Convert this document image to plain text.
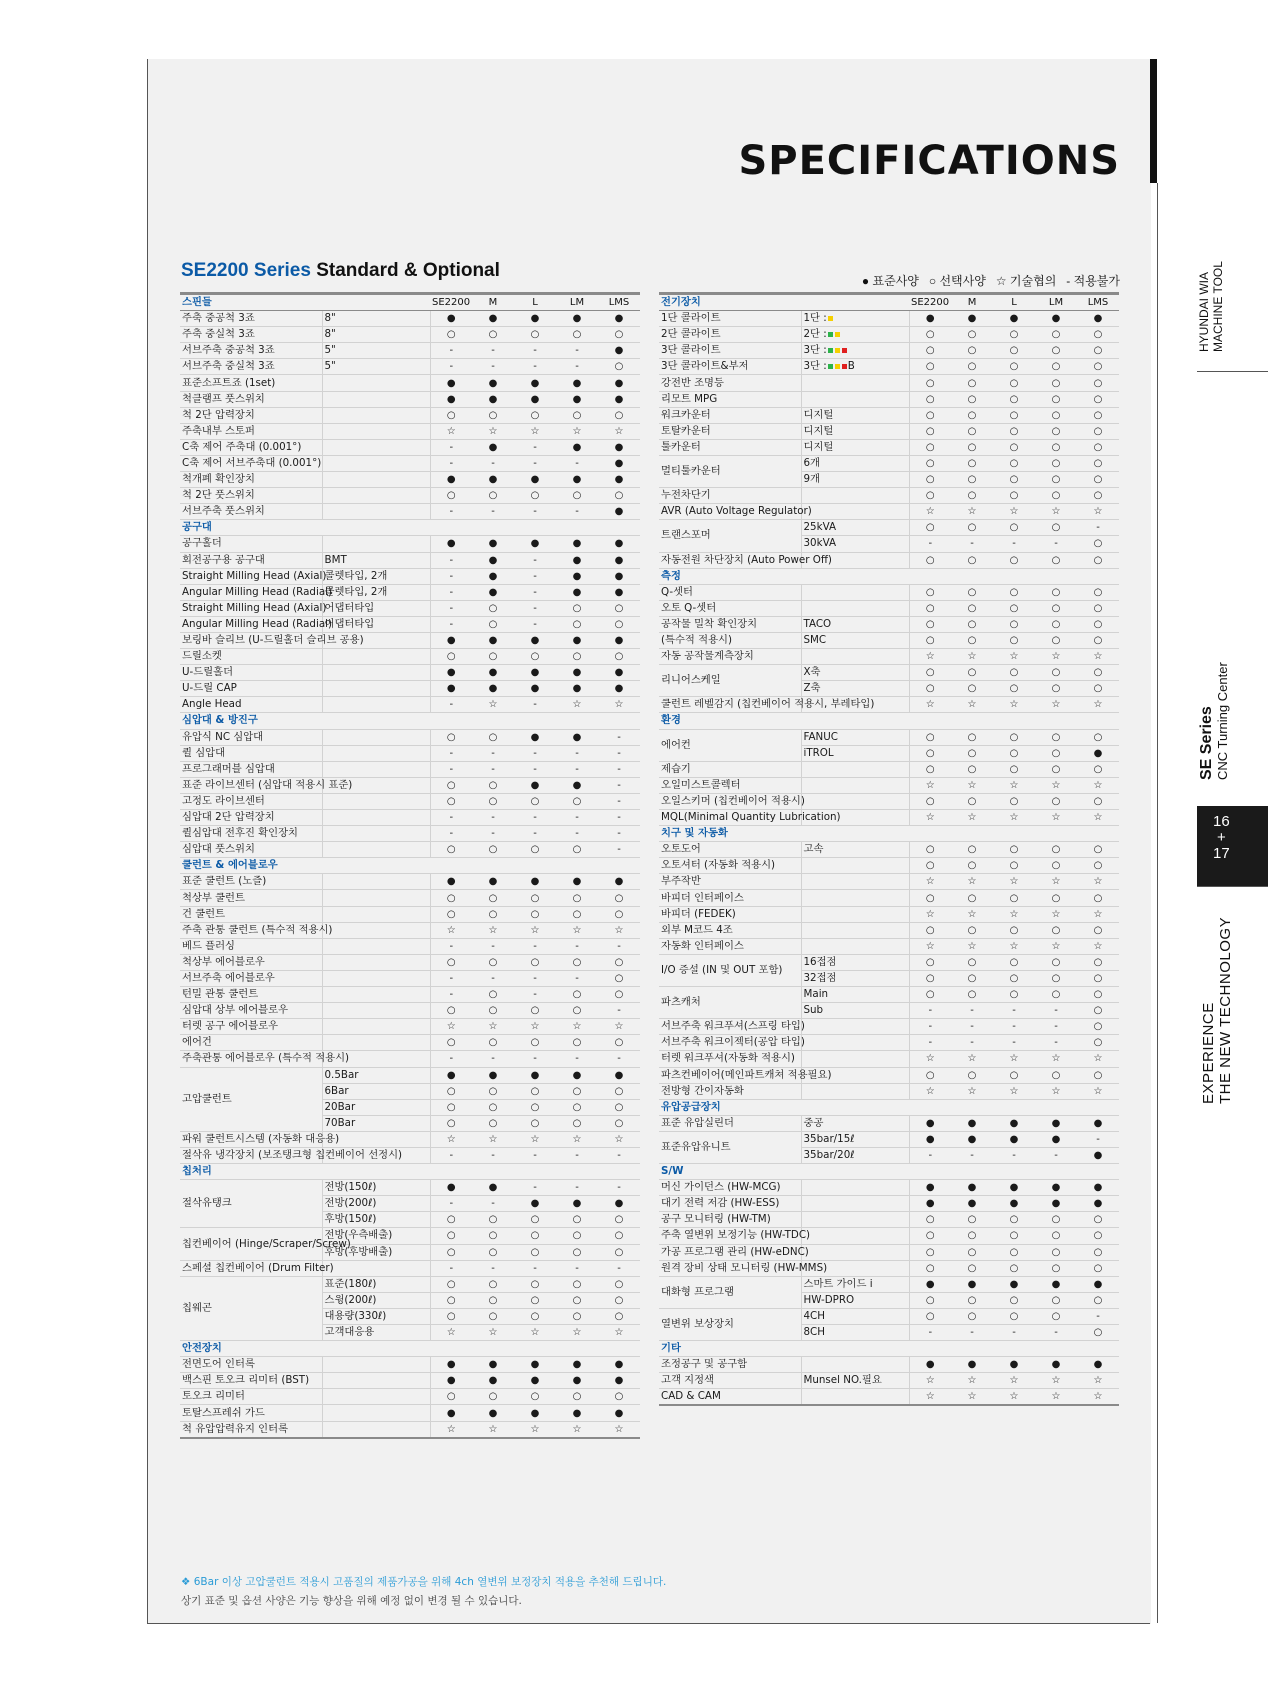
SPECIFICATIONS
SE2200 Series Standard & Optional	● 표준사양 ○ 선택사양 ☆ 기술협의 - 적용불가
스핀들		SE2200	M	L	LM	LMS
주축 중공척 3죠	8"	●	●	●	●	●
주축 중실척 3죠	8"	○	○	○	○	○
서브주축 중공척 3죠	5"	-	-	-	-	●
서브주축 중실척 3죠	5"	-	-	-	-	○
표준소프트죠 (1set)		●	●	●	●	●
척클램프 풋스위치		●	●	●	●	●
척 2단 압력장치		○	○	○	○	○
주축내부 스토퍼		☆	☆	☆	☆	☆
C축 제어 주축대 (0.001°)		-	●	-	●	●
C축 제어 서브주축대 (0.001°)		-	-	-	-	●
척개폐 확인장치		●	●	●	●	●
척 2단 풋스위치		○	○	○	○	○
서브주축 풋스위치		-	-	-	-	●
공구대						
공구홀더		●	●	●	●	●
회전공구용 공구대	BMT	-	●	-	●	●
Straight Milling Head (Axial)	콜렛타입, 2개	-	●	-	●	●
Angular Milling Head (Radial)	콜렛타입, 2개	-	●	-	●	●
Straight Milling Head (Axial)	어댑터타입	-	○	-	○	○
Angular Milling Head (Radial)	어댑터타입	-	○	-	○	○
보링바 슬리브 (U-드릴홀더 슬리브 공용)		●	●	●	●	●
드릴소켓		○	○	○	○	○
U-드릴홀더		●	●	●	●	●
U-드릴 CAP		●	●	●	●	●
Angle Head		-	☆	-	☆	☆
심압대 & 방진구						
유압식 NC 심압대		○	○	●	●	-
퀼 심압대		-	-	-	-	-
프로그래머블 심압대		-	-	-	-	-
표준 라이브센터 (심압대 적용시 표준)		○	○	●	●	-
고정도 라이브센터		○	○	○	○	-
심압대 2단 압력장치		-	-	-	-	-
퀼심압대 전후진 확인장치		-	-	-	-	-
심압대 풋스위치		○	○	○	○	-
쿨런트 & 에어블로우						
표준 쿨런트 (노즐)		●	●	●	●	●
척상부 쿨런트		○	○	○	○	○
건 쿨런트		○	○	○	○	○
주축 관통 쿨런트 (특수적 적용시)		☆	☆	☆	☆	☆
베드 플러싱		-	-	-	-	-
척상부 에어블로우		○	○	○	○	○
서브주축 에어블로우		-	-	-	-	○
턴밀 관통 쿨런트		-	○	-	○	○
심압대 상부 에어블로우		○	○	○	○	-
터렛 공구 에어블로우		☆	☆	☆	☆	☆
에어건		○	○	○	○	○
주축관통 에어블로우 (특수적 적용시)		-	-	-	-	-
고압쿨런트	0.5Bar	●	●	●	●	●
	6Bar	○	○	○	○	○
	20Bar	○	○	○	○	○
	70Bar	○	○	○	○	○
파워 쿨런트시스템 (자동화 대응용)		☆	☆	☆	☆	☆
절삭유 냉각장치 (보조탱크형 칩컨베이어 선정시)		-	-	-	-	-
칩처리						
절삭유탱크	전방(150ℓ)	●	●	-	-	-
	전방(200ℓ)	-	-	●	●	●
	후방(150ℓ)	○	○	○	○	○
칩컨베이어 (Hinge/Scraper/Screw)	전방(우측배출)	○	○	○	○	○
	후방(후방배출)	○	○	○	○	○
스페셜 칩컨베이어 (Drum Filter)		-	-	-	-	-
칩웨곤	표준(180ℓ)	○	○	○	○	○
	스윙(200ℓ)	○	○	○	○	○
	대용량(330ℓ)	○	○	○	○	○
	고객대응용	☆	☆	☆	☆	☆
안전장치						
전면도어 인터록		●	●	●	●	●
백스핀 토오크 리미터 (BST)		●	●	●	●	●
토오크 리미터		○	○	○	○	○
토탈스프레쉬 가드		●	●	●	●	●
척 유압압력유지 인터록		☆	☆	☆	☆	☆
전기장치		SE2200	M	L	LM	LMS
1단 콜라이트	1단 :	●	●	●	●	●
2단 콜라이트	2단 :	○	○	○	○	○
3단 콜라이트	3단 :	○	○	○	○	○
3단 콜라이트&부저	3단 : B	○	○	○	○	○
강전반 조명등		○	○	○	○	○
리모트 MPG		○	○	○	○	○
워크카운터	디지털	○	○	○	○	○
토탈카운터	디지털	○	○	○	○	○
툴카운터	디지털	○	○	○	○	○
멀티툴카운터	6개	○	○	○	○	○
	9개	○	○	○	○	○
누전차단기		○	○	○	○	○
AVR (Auto Voltage Regulator)		☆	☆	☆	☆	☆
트랜스포머	25kVA	○	○	○	○	-
	30kVA	-	-	-	-	○
자동전원 차단장치 (Auto Power Off)		○	○	○	○	○
측정						
Q-셋터		○	○	○	○	○
오토 Q-셋터		○	○	○	○	○
공작물 밀착 확인장치	TACO	○	○	○	○	○
(특수적 적용시)	SMC	○	○	○	○	○
자동 공작물계측장치		☆	☆	☆	☆	☆
리니어스케일	X축	○	○	○	○	○
	Z축	○	○	○	○	○
쿨런트 레벨감지 (칩컨베이어 적용시, 부레타입)		☆	☆	☆	☆	☆
환경						
에어컨	FANUC	○	○	○	○	○
	iTROL	○	○	○	○	●
제습기		○	○	○	○	○
오일미스트콜렉터		☆	☆	☆	☆	☆
오일스키머 (칩컨베이어 적용시)		○	○	○	○	○
MQL(Minimal Quantity Lubrication)		☆	☆	☆	☆	☆
치구 및 자동화						
오토도어	고속	○	○	○	○	○
오토셔터 (자동화 적용시)		○	○	○	○	○
부주작반		☆	☆	☆	☆	☆
바피더 인터페이스		○	○	○	○	○
바피더 (FEDEK)		☆	☆	☆	☆	☆
외부 M코드 4조		○	○	○	○	○
자동화 인터페이스		☆	☆	☆	☆	☆
I/O 증설 (IN 및 OUT 포함)	16접점	○	○	○	○	○
	32접점	○	○	○	○	○
파츠캐처	Main	○	○	○	○	○
	Sub	-	-	-	-	○
서브주축 워크푸셔(스프링 타입)		-	-	-	-	○
서브주축 워크이젝터(공압 타입)		-	-	-	-	○
터렛 워크푸셔(자동화 적용시)		☆	☆	☆	☆	☆
파츠컨베이어(메인파트캐쳐 적용필요)		○	○	○	○	○
전방형 간이자동화		☆	☆	☆	☆	☆
유압공급장치						
표준 유압실린더	중공	●	●	●	●	●
표준유압유니트	35bar/15ℓ	●	●	●	●	-
	35bar/20ℓ	-	-	-	-	●
S/W						
머신 가이던스 (HW-MCG)		●	●	●	●	●
대기 전력 저감 (HW-ESS)		●	●	●	●	●
공구 모니터링 (HW-TM)		○	○	○	○	○
주축 열변위 보정기능 (HW-TDC)		○	○	○	○	○
가공 프로그램 관리 (HW-eDNC)		○	○	○	○	○
원격 장비 상태 모니터링 (HW-MMS)		○	○	○	○	○
대화형 프로그램	스마트 가이드 i	●	●	●	●	●
	HW-DPRO	○	○	○	○	○
열변위 보상장치	4CH	○	○	○	○	-
	8CH	-	-	-	-	○
기타						
조정공구 및 공구함		●	●	●	●	●
고객 지정색	Munsel NO.필요	☆	☆	☆	☆	☆
CAD & CAM		☆	☆	☆	☆	☆
❖ 6Bar 이상 고압쿨런트 적용시 고품질의 제품가공을 위해 4ch 열변위 보정장치 적용을 추천해 드립니다.
상기 표준 및 옵션 사양은 기능 향상을 위해 예정 없이 변경 될 수 있습니다.
HYUNDAI WIA MACHINE TOOL
SE Series CNC Turning Center
16
+
17
EXPERIENCE THE NEW TECHNOLOGY
